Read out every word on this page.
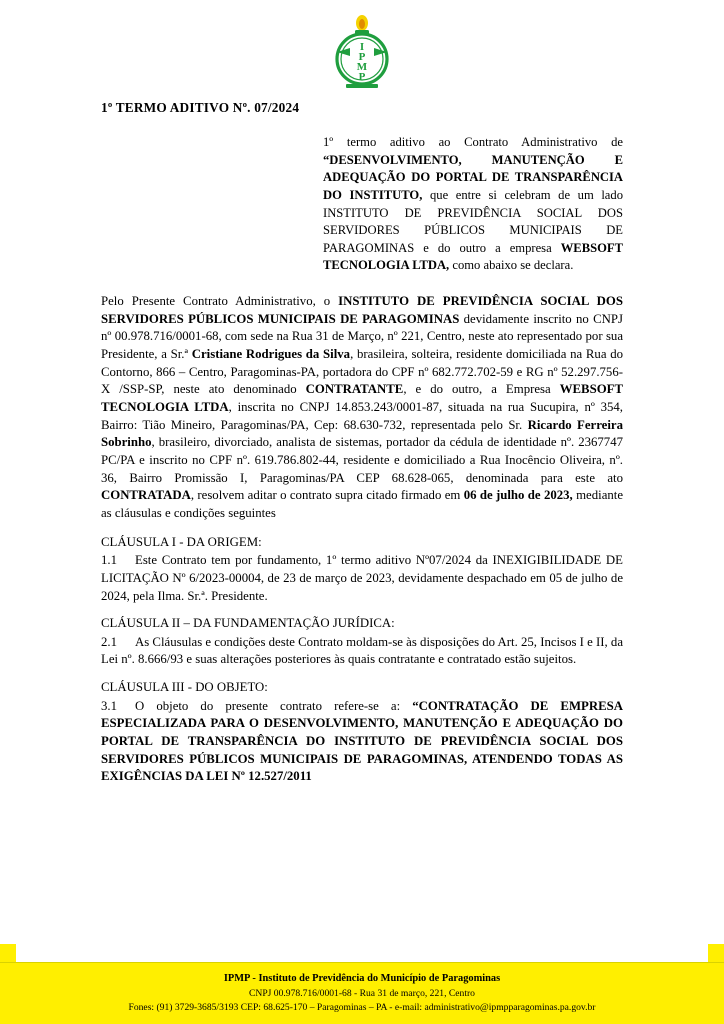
I
P
M
P
1º TERMO ADITIVO Nº. 07/2024
1º termo aditivo ao Contrato Administrativo de “DESENVOLVIMENTO, MANUTENÇÃO E ADEQUAÇÃO DO PORTAL DE TRANSPARÊNCIA DO INSTITUTO, que entre si celebram de um lado INSTITUTO DE PREVIDÊNCIA SOCIAL DOS SERVIDORES PÚBLICOS MUNICIPAIS DE PARAGOMINAS e do outro a empresa WEBSOFT TECNOLOGIA LTDA, como abaixo se declara.

Pelo Presente Contrato Administrativo, o INSTITUTO DE PREVIDÊNCIA SOCIAL DOS SERVIDORES PÚBLICOS MUNICIPAIS DE PARAGOMINAS devidamente inscrito no CNPJ nº 00.978.716/0001-68, com sede na Rua 31 de Março, nº 221, Centro, neste ato representado por sua Presidente, a Sr.ª Cristiane Rodrigues da Silva, brasileira, solteira, residente domiciliada na Rua do Contorno, 866 – Centro, Paragominas-PA, portadora do CPF nº 682.772.702-59 e RG nº 52.297.756-X /SSP-SP, neste ato denominado CONTRATANTE, e do outro, a Empresa WEBSOFT TECNOLOGIA LTDA, inscrita no CNPJ 14.853.243/0001-87, situada na rua Sucupira, nº 354, Bairro: Tião Mineiro, Paragominas/PA, Cep: 68.630-732, representada pelo Sr. Ricardo Ferreira Sobrinho, brasileiro, divorciado, analista de sistemas, portador da cédula de identidade nº. 2367747 PC/PA e inscrito no CPF nº. 619.786.802-44, residente e domiciliado a Rua Inocêncio Oliveira, nº. 36, Bairro Promissão I, Paragominas/PA CEP 68.628-065, denominada para este ato CONTRATADA, resolvem aditar o contrato supra citado firmado em 06 de julho de 2023, mediante as cláusulas e condições seguintes

CLÁUSULA I - DA ORIGEM:

1.1 Este Contrato tem por fundamento, 1º termo aditivo Nº07/2024 da INEXIGIBILIDADE DE LICITAÇÃO Nº 6/2023-00004, de 23 de março de 2023, devidamente despachado em 05 de julho de 2024, pela Ilma. Sr.ª. Presidente.

CLÁUSULA II – DA FUNDAMENTAÇÃO JURÍDICA:

2.1 As Cláusulas e condições deste Contrato moldam-se às disposições do Art. 25, Incisos I e II, da Lei nº. 8.666/93 e suas alterações posteriores às quais contratante e contratado estão sujeitos.

CLÁUSULA III - DO OBJETO:

3.1 O objeto do presente contrato refere-se a: “CONTRATAÇÃO DE EMPRESA ESPECIALIZADA PARA O DESENVOLVIMENTO, MANUTENÇÃO E ADEQUAÇÃO DO PORTAL DE TRANSPARÊNCIA DO INSTITUTO DE PREVIDÊNCIA SOCIAL DOS SERVIDORES PÚBLICOS MUNICIPAIS DE PARAGOMINAS, ATENDENDO TODAS AS EXIGÊNCIAS DA LEI Nº 12.527/2011

IPMP - Instituto de Previdência do Município de Paragominas
CNPJ 00.978.716/0001-68 - Rua 31 de março, 221, Centro
Fones: (91) 3729-3685/3193 CEP: 68.625-170 – Paragominas – PA - e-mail: administrativo@ipmpparagominas.pa.gov.br
